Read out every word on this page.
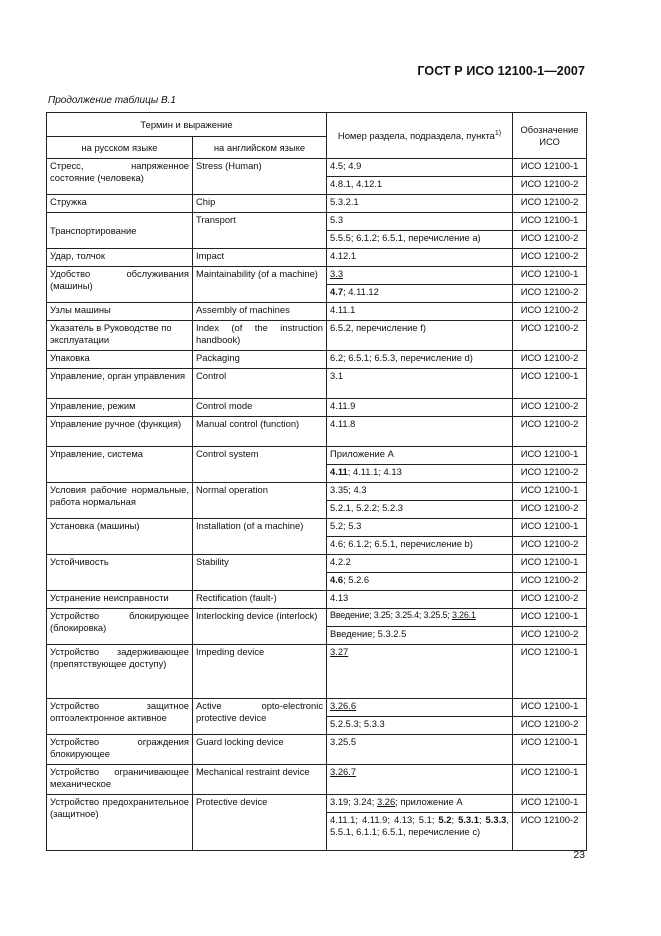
ГОСТ Р ИСО 12100-1—2007
Продолжение таблицы В.1
Термин и выражение		Номер раздела, подраздела, пункта$^{1)}$	Обозначение ИСО
на русском языке	на английском языке		
Стресс, напряженное состояние (человека)	Stress (Human)	4.5; 4.9	ИСО 12100-1
		4.8.1, 4.12.1	ИСО 12100-2
Стружка	Chip	5.3.2.1	ИСО 12100-2
Транспортирование	Transport	5.3	ИСО 12100-1
		5.5.5; 6.1.2; 6.5.1, перечисление а)	ИСО 12100-2
Удар, толчок	Impact	4.12.1	ИСО 12100-2
Удобство обслуживания (машины)	Maintainability (of a machine)	3.3	ИСО 12100-1
		4.7; 4.11.12	ИСО 12100-2
Узлы машины	Assembly of machines	4.11.1	ИСО 12100-2
Указатель в Руководстве по эксплуатации	Index (of the instruction handbook)	6.5.2, перечисление f)	ИСО 12100-2
Упаковка	Packaging	6.2; 6.5.1; 6.5.3, перечисление d)	ИСО 12100-2
Управление, орган управления	Control	3.1	ИСО 12100-1
Управление, режим	Control mode	4.11.9	ИСО 12100-2
Управление ручное (функция)	Manual control (function)	4.11.8	ИСО 12100-2
Управление, система	Control system	Приложение А	ИСО 12100-1
		4.11; 4.11.1; 4.13	ИСО 12100-2
Условия рабочие нормальные, работа нормальная	Normal operation	3.35; 4.3	ИСО 12100-1
		5.2.1, 5.2.2; 5.2.3	ИСО 12100-2
Установка (машины)	Installation (of a machine)	5.2; 5.3	ИСО 12100-1
		4.6; 6.1.2; 6.5.1, перечисление b)	ИСО 12100-2
Устойчивость	Stability	4.2.2	ИСО 12100-1
		4.6; 5.2.6	ИСО 12100-2
Устранение неисправности	Rectification (fault-)	4.13	ИСО 12100-2
Устройство блокирующее (блокировка)	Interlocking device (interlock)	Введение; 3.25; 3.25.4; 3.25.5; 3.26.1	ИСО 12100-1
		Введение; 5.3.2.5	ИСО 12100-2
Устройство задерживающее (препятствующее доступу)	Impeding device	3.27	ИСО 12100-1
Устройство защитное оптоэлектронное активное	Active opto-electronic protective device	3.26.6	ИСО 12100-1
		5.2.5.3; 5.3.3	ИСО 12100-2
Устройство ограждения блокирующее	Guard locking device	3.25.5	ИСО 12100-1
Устройство ограничивающее механическое	Mechanical restraint device	3.26.7	ИСО 12100-1
Устройство предохранительное (защитное)	Protective device	3.19; 3.24; 3.26; приложение А	ИСО 12100-1
		4.11.1; 4.11.9; 4.13; 5.1; 5.2; 5.3.1; 5.3.3, 5.5.1, 6.1.1; 6.5.1, перечисление с)	ИСО 12100-2
23
